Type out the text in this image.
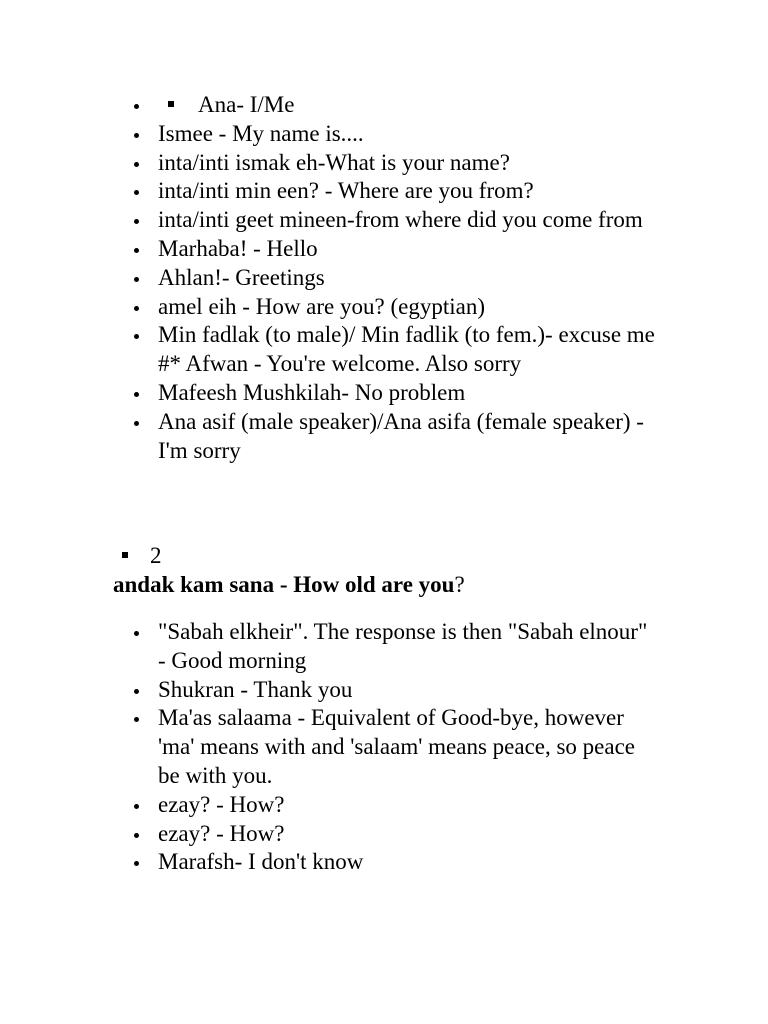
Ana- I/Me
Ismee - My name is....
inta/inti ismak eh-What is your name?
inta/inti min een? - Where are you from?
inta/inti geet mineen-from where did you come from
Marhaba! - Hello
Ahlan!- Greetings
amel eih - How are you? (egyptian)
Min fadlak (to male)/ Min fadlik (to fem.)- excuse me #* Afwan - You're welcome. Also sorry
Mafeesh Mushkilah- No problem
Ana asif (male speaker)/Ana asifa (female speaker) - I'm sorry
2
andak kam sana - How old are you?
"Sabah elkheir". The response is then "Sabah elnour" - Good morning
Shukran - Thank you
Ma'as salaama - Equivalent of Good-bye, however 'ma' means with and 'salaam' means peace, so peace be with you.
ezay? - How?
ezay? - How?
Marafsh- I don't know
